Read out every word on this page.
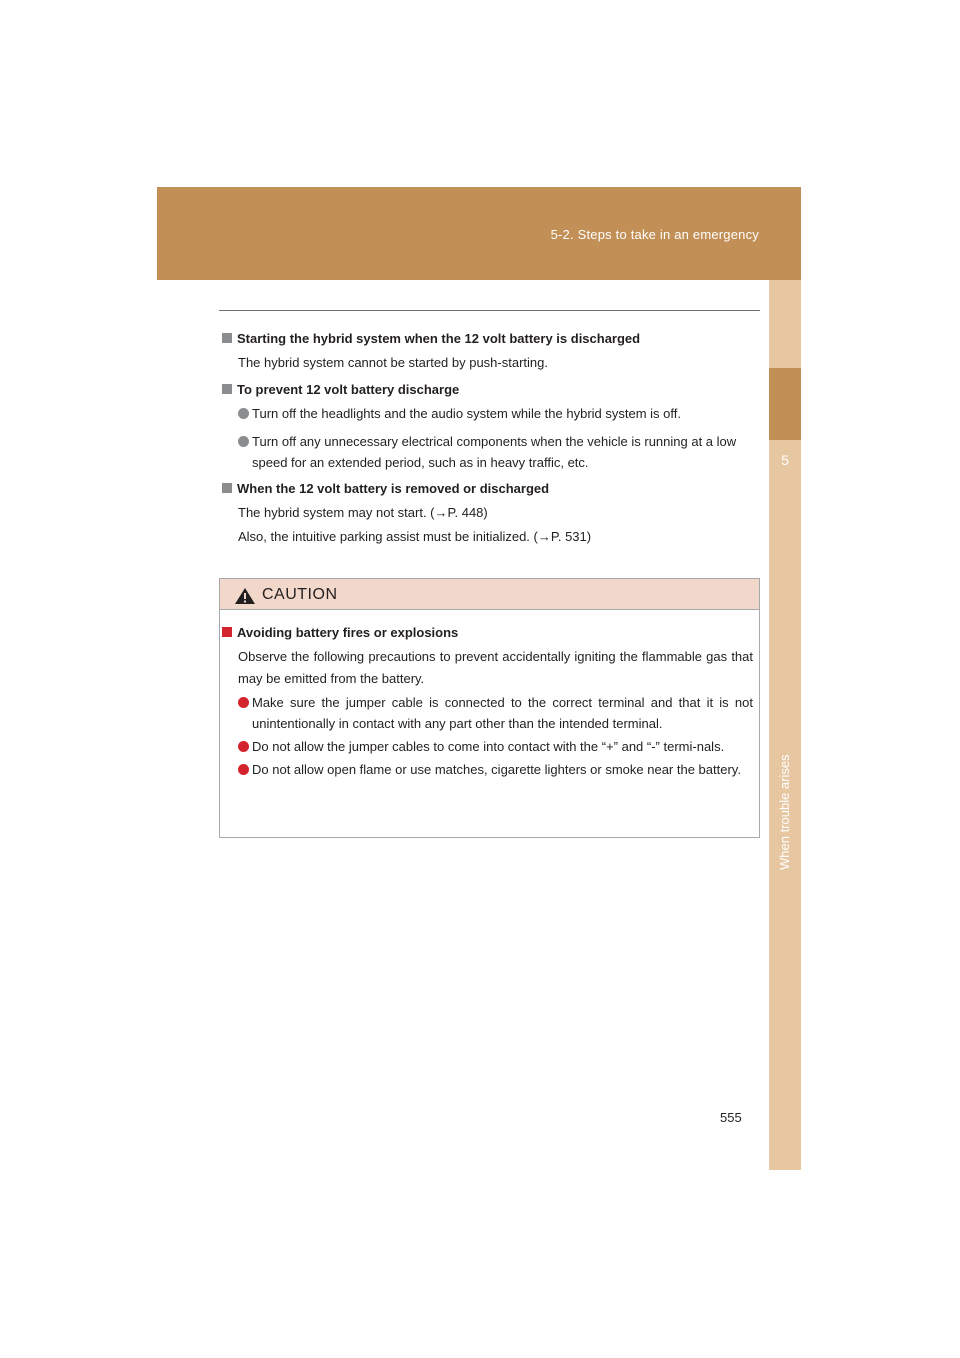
5-2. Steps to take in an emergency
5
When trouble arises

Starting the hybrid system when the 12 volt battery is discharged

The hybrid system cannot be started by push-starting.

To prevent 12 volt battery discharge

Turn off the headlights and the audio system while the hybrid system is off.
Turn off any unnecessary electrical components when the vehicle is running at a low speed for an extended period, such as in heavy traffic, etc.

When the 12 volt battery is removed or discharged

The hybrid system may not start. (→P. 448)

Also, the intuitive parking assist must be initialized. (→P. 531)

CAUTION

Avoiding battery fires or explosions

Observe the following precautions to prevent accidentally igniting the flammable gas that may be emitted from the battery.

Make sure the jumper cable is connected to the correct terminal and that it is not unintentionally in contact with any part other than the intended terminal.
Do not allow the jumper cables to come into contact with the “+” and “-” termi-nals.
Do not allow open flame or use matches, cigarette lighters or smoke near the battery.
555
